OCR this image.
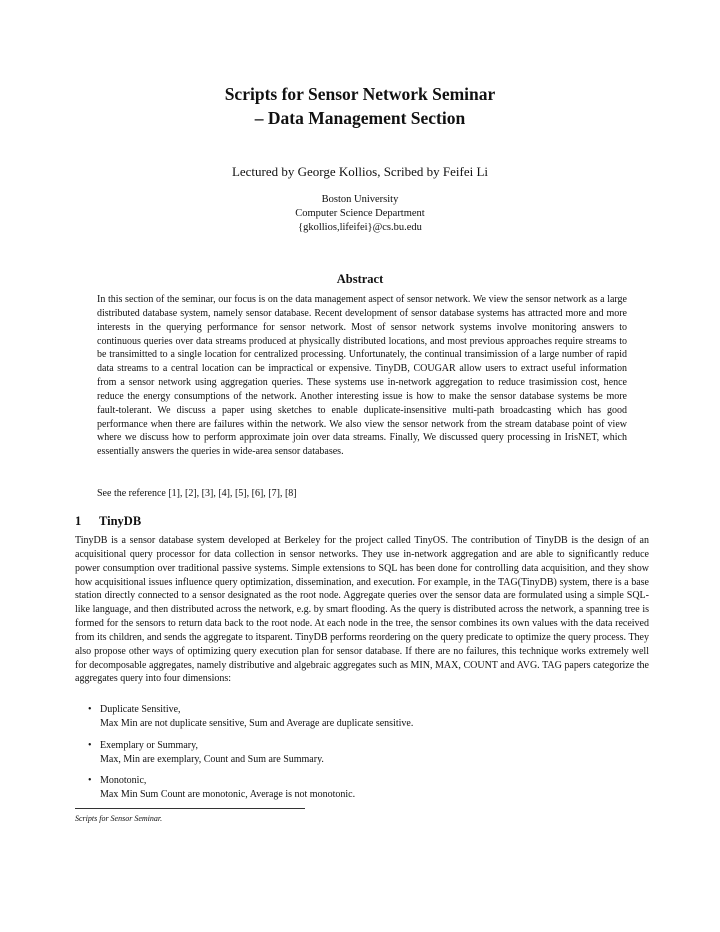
Scripts for Sensor Network Seminar
– Data Management Section
Lectured by George Kollios, Scribed by Feifei Li
Boston University
Computer Science Department
{gkollios,lifeifei}@cs.bu.edu
Abstract

In this section of the seminar, our focus is on the data management aspect of sensor network. We view the sensor network as a large distributed database system, namely sensor database. Recent development of sensor database systems has attracted more and more interests in the querying performance for sensor network. Most of sensor network systems involve monitoring answers to continuous queries over data streams produced at physically distributed locations, and most previous approaches require streams to be transimitted to a single location for centralized processing. Unfortunately, the continual transimission of a large number of rapid data streams to a central location can be impractical or expensive. TinyDB, COUGAR allow users to extract useful information from a sensor network using aggregation queries. These systems use in-network aggregation to reduce trasimission cost, hence reduce the energy consumptions of the network. Another interesting issue is how to make the sensor database systems be more fault-tolerant. We discuss a paper using sketches to enable duplicate-insensitive multi-path broadcasting which has good performance when there are failures within the network. We also view the sensor network from the stream database point of view where we discuss how to perform approximate join over data streams. Finally, We discussed query processing in IrisNET, which essentially answers the queries in wide-area sensor databases.

See the reference [1], [2], [3], [4], [5], [6], [7], [8]
1 TinyDB

TinyDB is a sensor database system developed at Berkeley for the project called TinyOS. The contribution of TinyDB is the design of an acquisitional query processor for data collection in sensor networks. They use in-network aggregation and are able to significantly reduce power consumption over traditional passive systems. Simple extensions to SQL has been done for controlling data acquisition, and they show how acquisitional issues influence query optimization, dissemination, and execution. For example, in the TAG(TinyDB) system, there is a base station directly connected to a sensor designated as the root node. Aggregate queries over the sensor data are formulated using a simple SQL-like language, and then distributed across the network, e.g. by smart flooding. As the query is distributed across the network, a spanning tree is formed for the sensors to return data back to the root node. At each node in the tree, the sensor combines its own values with the data received from its children, and sends the aggregate to itsparent. TinyDB performs reordering on the query predicate to optimize the query process. They also propose other ways of optimizing query execution plan for sensor database. If there are no failures, this technique works extremely well for decomposable aggregates, namely distributive and algebraic aggregates such as MIN, MAX, COUNT and AVG. TAG papers categorize the aggregates query into four dimensions:

• Duplicate Sensitive,
Max Min are not duplicate sensitive, Sum and Average are duplicate sensitive.
• Exemplary or Summary,
Max, Min are exemplary, Count and Sum are Summary.
• Monotonic,
Max Min Sum Count are monotonic, Average is not monotonic.
Scripts for Sensor Seminar.
